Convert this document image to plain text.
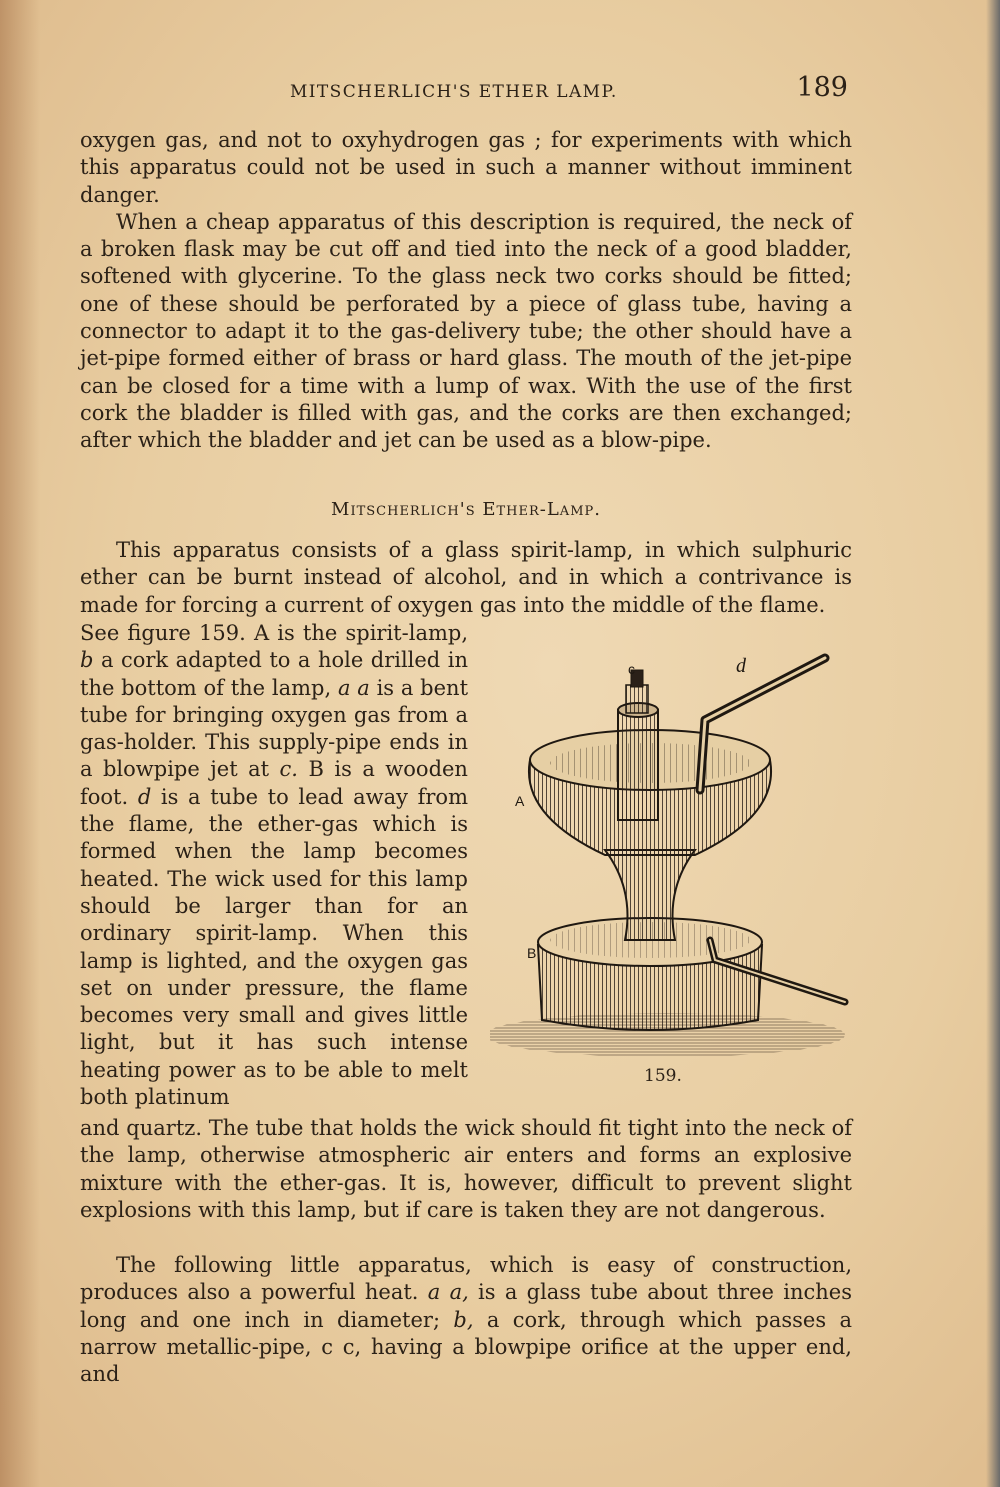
MITSCHERLICH'S ETHER LAMP.	189

oxygen gas, and not to oxyhydrogen gas ; for experiments with which this apparatus could not be used in such a manner without imminent danger.

When a cheap apparatus of this description is required, the neck of a broken flask may be cut off and tied into the neck of a good bladder, softened with glycerine. To the glass neck two corks should be fitted; one of these should be perforated by a piece of glass tube, having a connector to adapt it to the gas-delivery tube; the other should have a jet-pipe formed either of brass or hard glass. The mouth of the jet-pipe can be closed for a time with a lump of wax. With the use of the first cork the bladder is filled with gas, and the corks are then exchanged; after which the bladder and jet can be used as a blow-pipe.

Mitscherlich's Ether-Lamp.

This apparatus consists of a glass spirit-lamp, in which sulphuric ether can be burnt instead of alcohol, and in which a contrivance is made for forcing a current of oxygen gas into the middle of the flame.

See figure 159. A is the spirit-lamp, b a cork adapted to a hole drilled in the bottom of the lamp, a a is a bent tube for bringing oxygen gas from a gas-holder. This supply-pipe ends in a blowpipe jet at c. B is a wooden foot. d is a tube to lead away from the flame, the ether-gas which is formed when the lamp becomes heated. The wick used for this lamp should be larger than for an ordinary spirit-lamp. When this lamp is lighted, and the oxygen gas set on under pressure, the flame becomes very small and gives little light, but it has such intense heating power as to be able to melt both platinum

c	d
A
B
159.

and quartz. The tube that holds the wick should fit tight into the neck of the lamp, otherwise atmospheric air enters and forms an explosive mixture with the ether-gas. It is, however, difficult to prevent slight explosions with this lamp, but if care is taken they are not dangerous.

The following little apparatus, which is easy of construction, produces also a powerful heat. a a, is a glass tube about three inches long and one inch in diameter; b, a cork, through which passes a narrow metallic-pipe, c c, having a blowpipe orifice at the upper end, and
